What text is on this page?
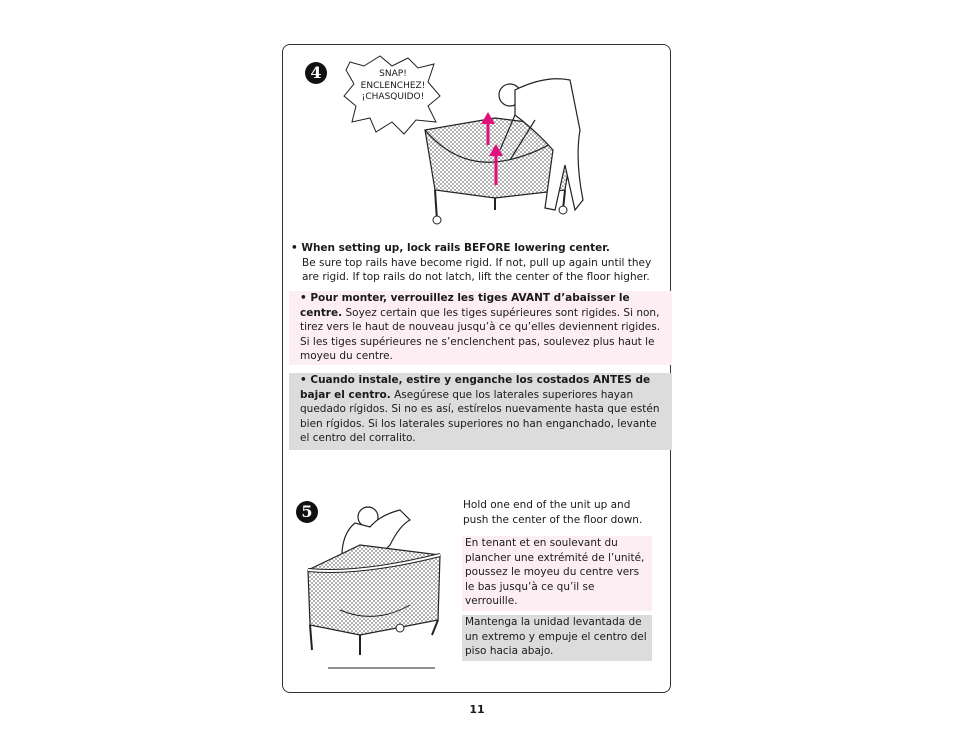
4	SNAP!
ENCLENCHEZ!
¡CHASQUIDO!
• When setting up, lock rails BEFORE lowering center.
Be sure top rails have become rigid. If not, pull up again until they
are rigid. If top rails do not latch, lift the center of the floor higher.
• Pour monter, verrouillez les tiges AVANT d’abaisser le centre. Soyez certain que les tiges supérieures sont rigides. Si non, tirez vers le haut de nouveau jusqu’à ce qu’elles deviennent rigides. Si les tiges supérieures ne s’enclenchent pas, soulevez plus haut le moyeu du centre.
• Cuando instale, estire y enganche los costados ANTES de bajar el centro. Asegúrese que los laterales superiores hayan quedado rígidos. Si no es así, estírelos nuevamente hasta que estén bien rígidos. Si los laterales superiores no han enganchado, levante el centro del corralito.
5	Hold one end of the unit up and push the center of the floor down.
En tenant et en soulevant du plancher une extrémité de l’unité, poussez le moyeu du centre vers le bas jusqu’à ce qu’il se verrouille.
Mantenga la unidad levantada de un extremo y empuje el centro del piso hacia abajo.
11
